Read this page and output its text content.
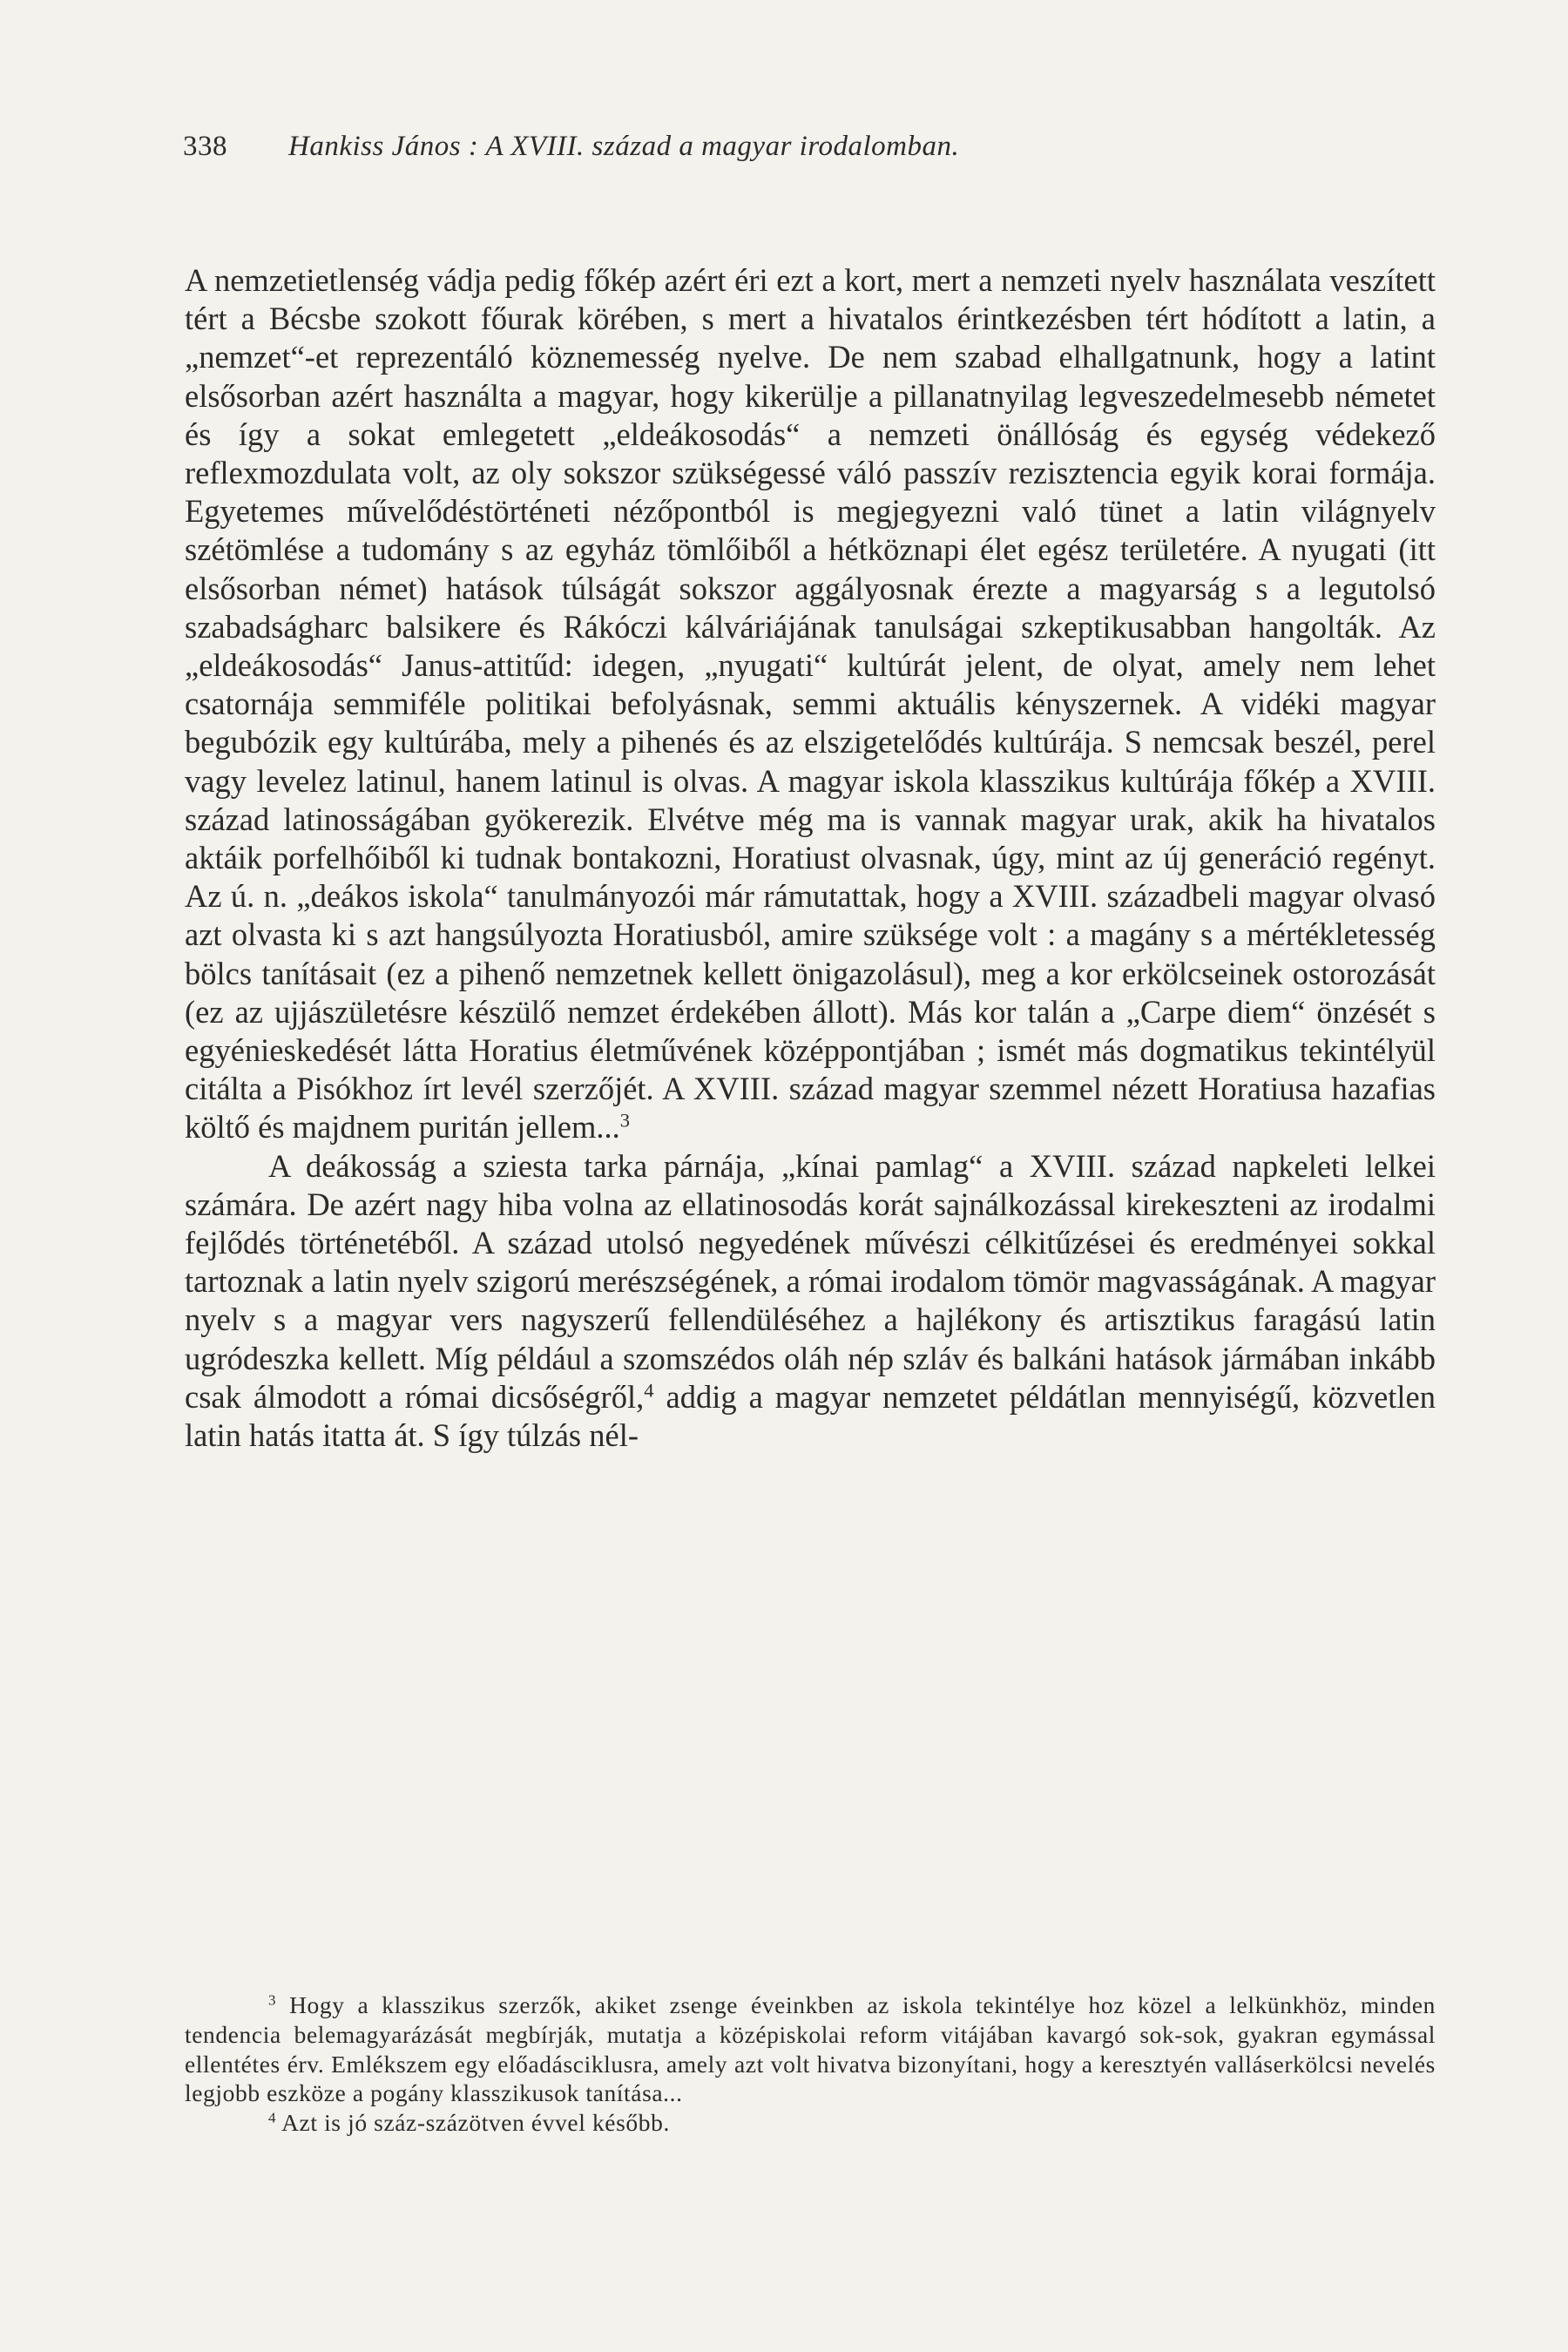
338 Hankiss János : A XVIII. század a magyar irodalomban.

A nemzetietlenség vádja pedig főkép azért éri ezt a kort, mert a nemzeti nyelv használata veszített tért a Bécsbe szokott főurak körében, s mert a hivatalos érintkezésben tért hódított a latin, a „nemzet“-et reprezentáló köznemesség nyelve. De nem szabad elhallgatnunk, hogy a latint elsősorban azért használta a magyar, hogy kikerülje a pillanatnyilag legveszedelmesebb németet és így a sokat emlegetett „eldeákosodás“ a nemzeti önállóság és egység védekező reflexmozdulata volt, az oly sokszor szükségessé váló passzív rezisztencia egyik korai formája. Egyetemes művelődéstörténeti nézőpontból is megjegyezni való tünet a latin világnyelv szétömlése a tudomány s az egyház tömlőiből a hétköznapi élet egész területére. A nyugati (itt elsősorban német) hatások túlságát sokszor aggályosnak érezte a magyarság s a legutolsó szabadságharc balsikere és Rákóczi kálváriájának tanulságai szkeptikusabban hangolták. Az „eldeákosodás“ Janus-attitűd: idegen, „nyugati“ kultúrát jelent, de olyat, amely nem lehet csatornája semmiféle politikai befolyásnak, semmi aktuális kényszernek. A vidéki magyar begubózik egy kultúrába, mely a pihenés és az elszigetelődés kultúrája. S nemcsak beszél, perel vagy levelez latinul, hanem latinul is olvas. A magyar iskola klasszikus kultúrája főkép a XVIII. század latinosságában gyökerezik. Elvétve még ma is vannak magyar urak, akik ha hivatalos aktáik porfelhőiből ki tudnak bontakozni, Horatiust olvasnak, úgy, mint az új generáció regényt. Az ú. n. „deákos iskola“ tanulmányozói már rámutattak, hogy a XVIII. századbeli magyar olvasó azt olvasta ki s azt hangsúlyozta Horatiusból, amire szüksége volt : a magány s a mértékletesség bölcs tanításait (ez a pihenő nemzetnek kellett önigazolásul), meg a kor erkölcseinek ostorozását (ez az ujjászületésre készülő nemzet érdekében állott). Más kor talán a „Carpe diem“ önzését s egyénieskedését látta Horatius életművének középpontjában ; ismét más dogmatikus tekintélyül citálta a Pisókhoz írt levél szerzőjét. A XVIII. század magyar szemmel nézett Horatiusa hazafias költő és majdnem puritán jellem...$^3$

A deákosság a sziesta tarka párnája, „kínai pamlag“ a XVIII. század napkeleti lelkei számára. De azért nagy hiba volna az ellatinosodás korát sajnálkozással kirekeszteni az irodalmi fejlődés történetéből. A század utolsó negyedének művészi célkitűzései és eredményei sokkal tartoznak a latin nyelv szigorú merészségének, a római irodalom tömör magvasságának. A magyar nyelv s a magyar vers nagyszerű fellendüléséhez a hajlékony és artisztikus faragású latin ugródeszka kellett. Míg például a szomszédos oláh nép szláv és balkáni hatások jármában inkább csak álmodott a római dicsőségről,$^4$ addig a magyar nemzetet példátlan mennyiségű, közvetlen latin hatás itatta át. S így túlzás nél-

$^3$ Hogy a klasszikus szerzők, akiket zsenge éveinkben az iskola tekintélye hoz közel a lelkünkhöz, minden tendencia belemagyarázását megbírják, mutatja a középiskolai reform vitájában kavargó sok-sok, gyakran egymással ellentétes érv. Emlékszem egy előadásciklusra, amely azt volt hivatva bizonyítani, hogy a keresztyén valláserkölcsi nevelés legjobb eszköze a pogány klasszikusok tanítása...

$^4$ Azt is jó száz-százötven évvel később.
